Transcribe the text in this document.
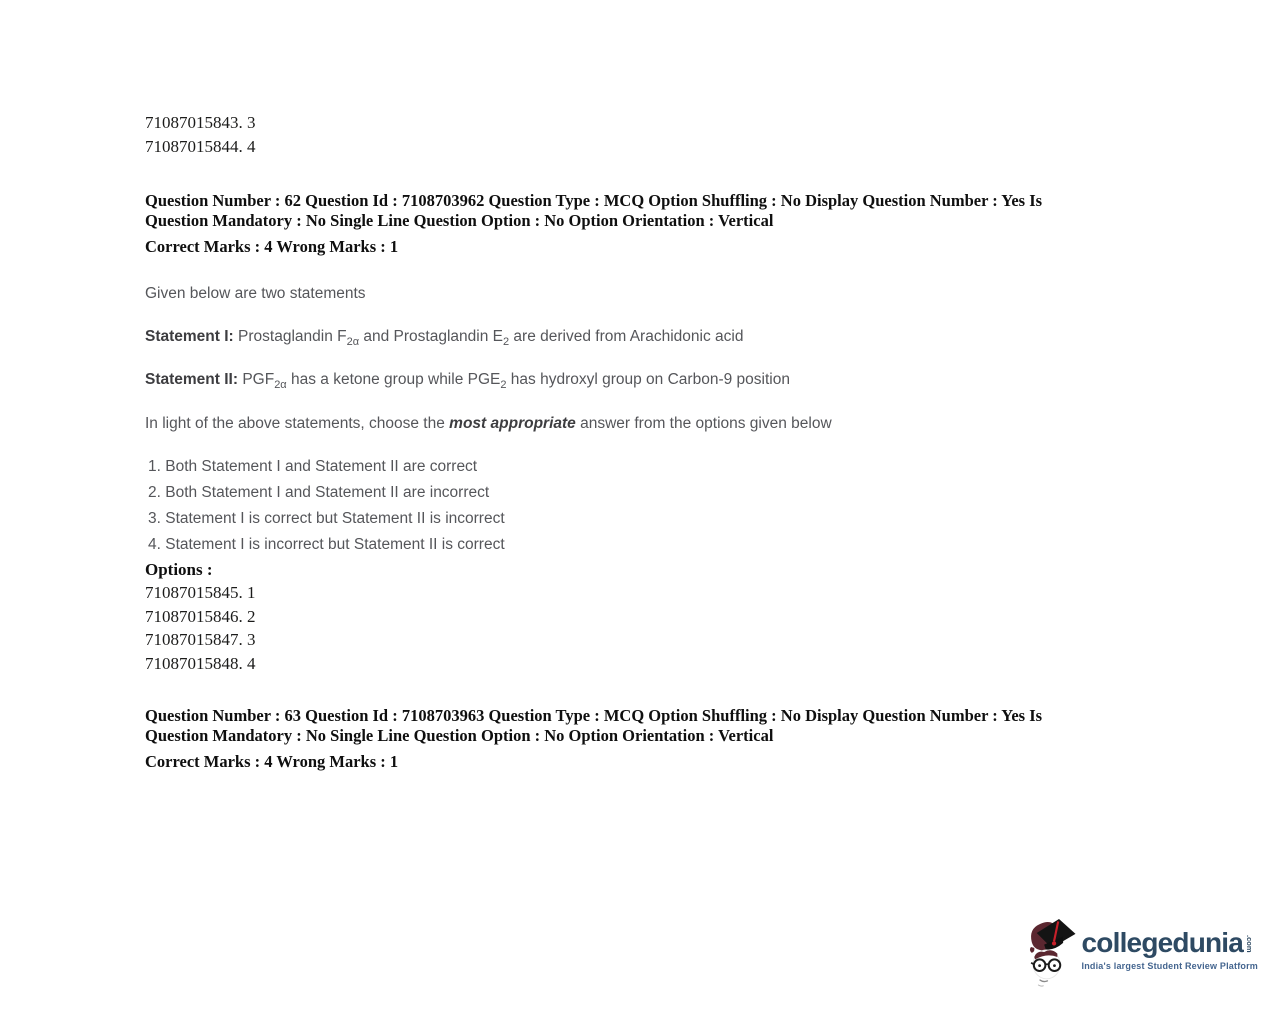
71087015843. 3
71087015844. 4
Question Number : 62 Question Id : 7108703962 Question Type : MCQ Option Shuffling : No Display Question Number : Yes Is
Question Mandatory : No Single Line Question Option : No Option Orientation : Vertical
Correct Marks : 4 Wrong Marks : 1
Given below are two statements
Statement I: Prostaglandin $F_{2\alpha}$ and Prostaglandin $E_2$ are derived from Arachidonic acid
Statement II: $PGF_{2\alpha}$ has a ketone group while $PGE_2$ has hydroxyl group on Carbon-9 position
In light of the above statements, choose the most appropriate answer from the options given below
1. Both Statement I and Statement II are correct
2. Both Statement I and Statement II are incorrect
3. Statement I is correct but Statement II is incorrect
4. Statement I is incorrect but Statement II is correct
Options :
71087015845. 1
71087015846. 2
71087015847. 3
71087015848. 4
Question Number : 63 Question Id : 7108703963 Question Type : MCQ Option Shuffling : No Display Question Number : Yes Is
Question Mandatory : No Single Line Question Option : No Option Orientation : Vertical
Correct Marks : 4 Wrong Marks : 1
collegedunia .com
India's largest Student Review Platform
